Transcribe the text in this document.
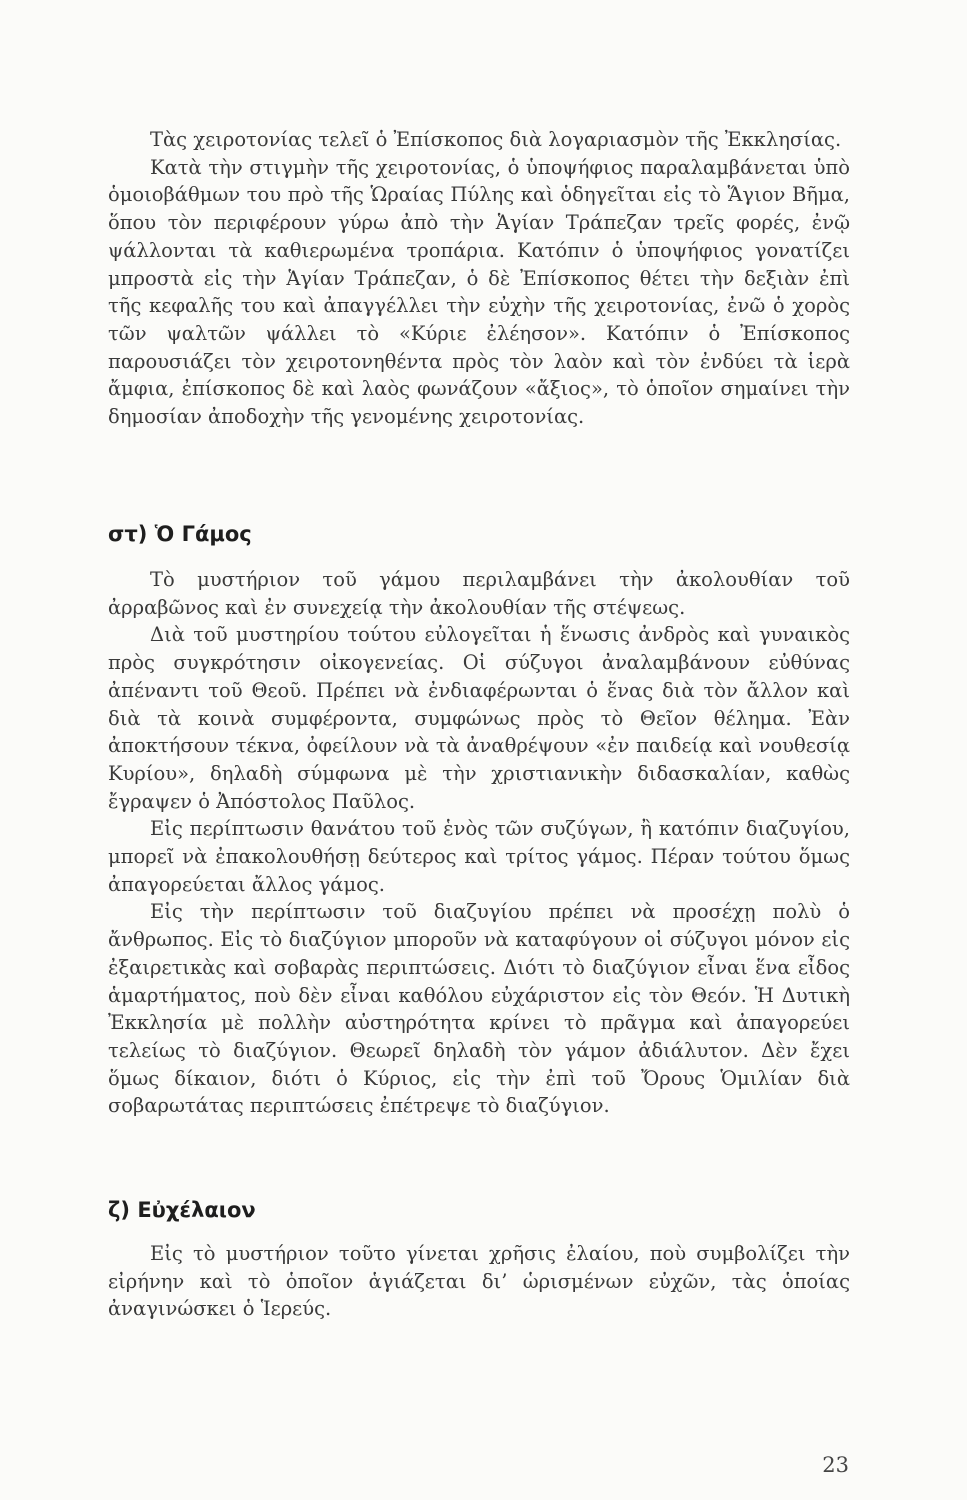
Τὰς χειροτονίας τελεῖ ὁ Ἐπίσκοπος διὰ λογαριασμὸν τῆς Ἐκκλησίας.

Κατὰ τὴν στιγμὴν τῆς χειροτονίας, ὁ ὑποψήφιος παραλαμβάνεται ὑπὸ ὁμοιοβάθμων του πρὸ τῆς Ὡραίας Πύλης καὶ ὁδηγεῖται εἰς τὸ Ἅγιον Βῆμα, ὅπου τὸν περιφέρουν γύρω ἀπὸ τὴν Ἁγίαν Τράπεζαν τρεῖς φορές, ἐνῷ ψάλλονται τὰ καθιερωμένα τροπάρια. Κατόπιν ὁ ὑποψήφιος γονατίζει μπροστὰ εἰς τὴν Ἁγίαν Τράπεζαν, ὁ δὲ Ἐπίσκοπος θέτει τὴν δεξιὰν ἐπὶ τῆς κεφαλῆς του καὶ ἀπαγγέλλει τὴν εὐχὴν τῆς χειροτονίας, ἐνῶ ὁ χορὸς τῶν ψαλτῶν ψάλλει τὸ «Κύριε ἐλέησον». Κατόπιν ὁ Ἐπίσκοπος παρουσιάζει τὸν χειροτονηθέντα πρὸς τὸν λαὸν καὶ τὸν ἐνδύει τὰ ἱερὰ ἄμφια, ἐπίσκοπος δὲ καὶ λαὸς φωνάζουν «ἄξιος», τὸ ὁποῖον σημαίνει τὴν δημοσίαν ἀποδοχὴν τῆς γενομένης χειροτονίας.

στ) Ὁ Γάμος

Τὸ μυστήριον τοῦ γάμου περιλαμβάνει τὴν ἀκολουθίαν τοῦ ἀρραβῶνος καὶ ἐν συνεχείᾳ τὴν ἀκολουθίαν τῆς στέψεως.

Διὰ τοῦ μυστηρίου τούτου εὐλογεῖται ἡ ἕνωσις ἀνδρὸς καὶ γυναικὸς πρὸς συγκρότησιν οἰκογενείας. Οἱ σύζυγοι ἀναλαμβάνουν εὐθύνας ἀπέναντι τοῦ Θεοῦ. Πρέπει νὰ ἐνδιαφέρωνται ὁ ἕνας διὰ τὸν ἄλλον καὶ διὰ τὰ κοινὰ συμφέροντα, συμφώνως πρὸς τὸ Θεῖον θέλημα. Ἐὰν ἀποκτήσουν τέκνα, ὀφείλουν νὰ τὰ ἀναθρέψουν «ἐν παιδείᾳ καὶ νουθεσίᾳ Κυρίου», δηλαδὴ σύμφωνα μὲ τὴν χριστιανικὴν διδασκαλίαν, καθὼς ἔγραψεν ὁ Ἀπόστολος Παῦλος.

Εἰς περίπτωσιν θανάτου τοῦ ἑνὸς τῶν συζύγων, ἢ κατόπιν διαζυγίου, μπορεῖ νὰ ἐπακολουθήσῃ δεύτερος καὶ τρίτος γάμος. Πέραν τούτου ὅμως ἀπαγορεύεται ἄλλος γάμος.

Εἰς τὴν περίπτωσιν τοῦ διαζυγίου πρέπει νὰ προσέχῃ πολὺ ὁ ἄνθρωπος. Εἰς τὸ διαζύγιον μποροῦν νὰ καταφύγουν οἱ σύζυγοι μόνον εἰς ἐξαιρετικὰς καὶ σοβαρὰς περιπτώσεις. Διότι τὸ διαζύγιον εἶναι ἕνα εἶδος ἁμαρτήματος, ποὺ δὲν εἶναι καθόλου εὐχάριστον εἰς τὸν Θεόν. Ἡ Δυτικὴ Ἐκκλησία μὲ πολλὴν αὐστηρότητα κρίνει τὸ πρᾶγμα καὶ ἀπαγορεύει τελείως τὸ διαζύγιον. Θεωρεῖ δηλαδὴ τὸν γάμον ἀδιάλυτον. Δὲν ἔχει ὅμως δίκαιον, διότι ὁ Κύριος, εἰς τὴν ἐπὶ τοῦ Ὄρους Ὁμιλίαν διὰ σοβαρωτάτας περιπτώσεις ἐπέτρεψε τὸ διαζύγιον.

ζ) Εὐχέλαιον

Εἰς τὸ μυστήριον τοῦτο γίνεται χρῆσις ἐλαίου, ποὺ συμβολίζει τὴν εἰρήνην καὶ τὸ ὁποῖον ἁγιάζεται δι’ ὡρισμένων εὐχῶν, τὰς ὁποίας ἀναγινώσκει ὁ Ἱερεύς.

23
